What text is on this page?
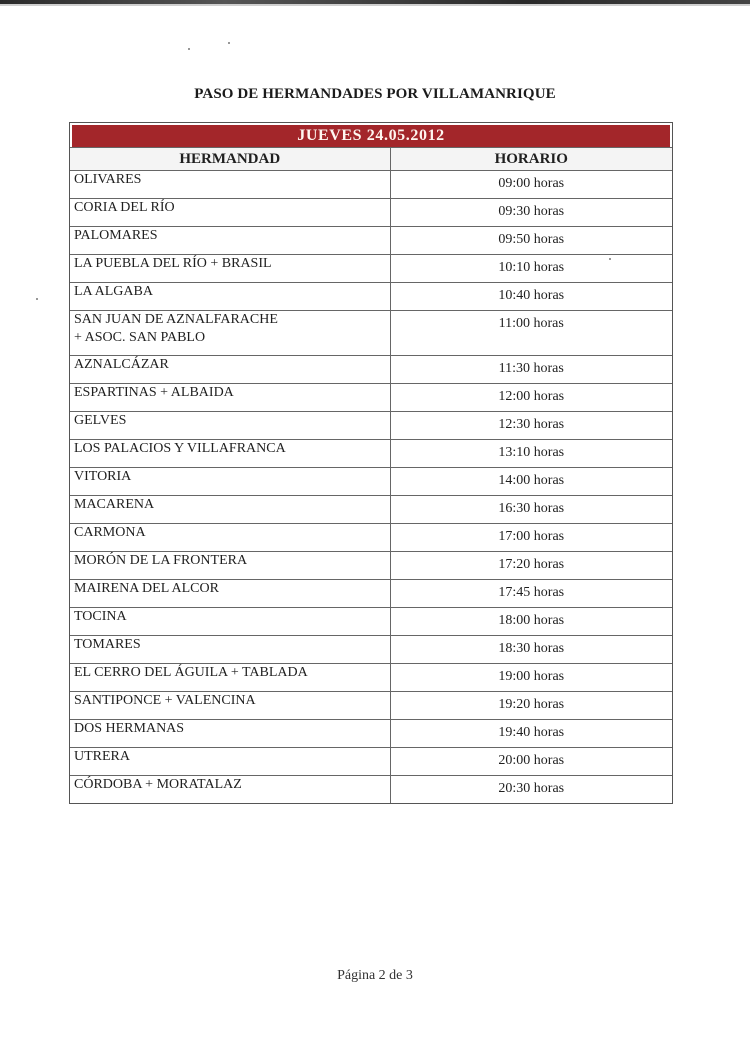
PASO DE HERMANDADES POR VILLAMANRIQUE
JUEVES 24.05.2012
HERMANDAD	HORARIO

OLIVARES	09:00 horas

CORIA DEL RÍO	09:30 horas

PALOMARES	09:50 horas

LA PUEBLA DEL RÍO + BRASIL	10:10 horas

LA ALGABA	10:40 horas

SAN JUAN DE AZNALFARACHE
+ ASOC. SAN PABLO	11:00 horas

AZNALCÁZAR	11:30 horas

ESPARTINAS + ALBAIDA	12:00 horas

GELVES	12:30 horas

LOS PALACIOS Y VILLAFRANCA	13:10 horas

VITORIA	14:00 horas

MACARENA	16:30 horas

CARMONA	17:00 horas

MORÓN DE LA FRONTERA	17:20 horas

MAIRENA DEL ALCOR	17:45 horas

TOCINA	18:00 horas

TOMARES	18:30 horas

EL CERRO DEL ÁGUILA + TABLADA	19:00 horas

SANTIPONCE + VALENCINA	19:20 horas

DOS HERMANAS	19:40 horas

UTRERA	20:00 horas

CÓRDOBA + MORATALAZ	20:30 horas
Página 2 de 3
